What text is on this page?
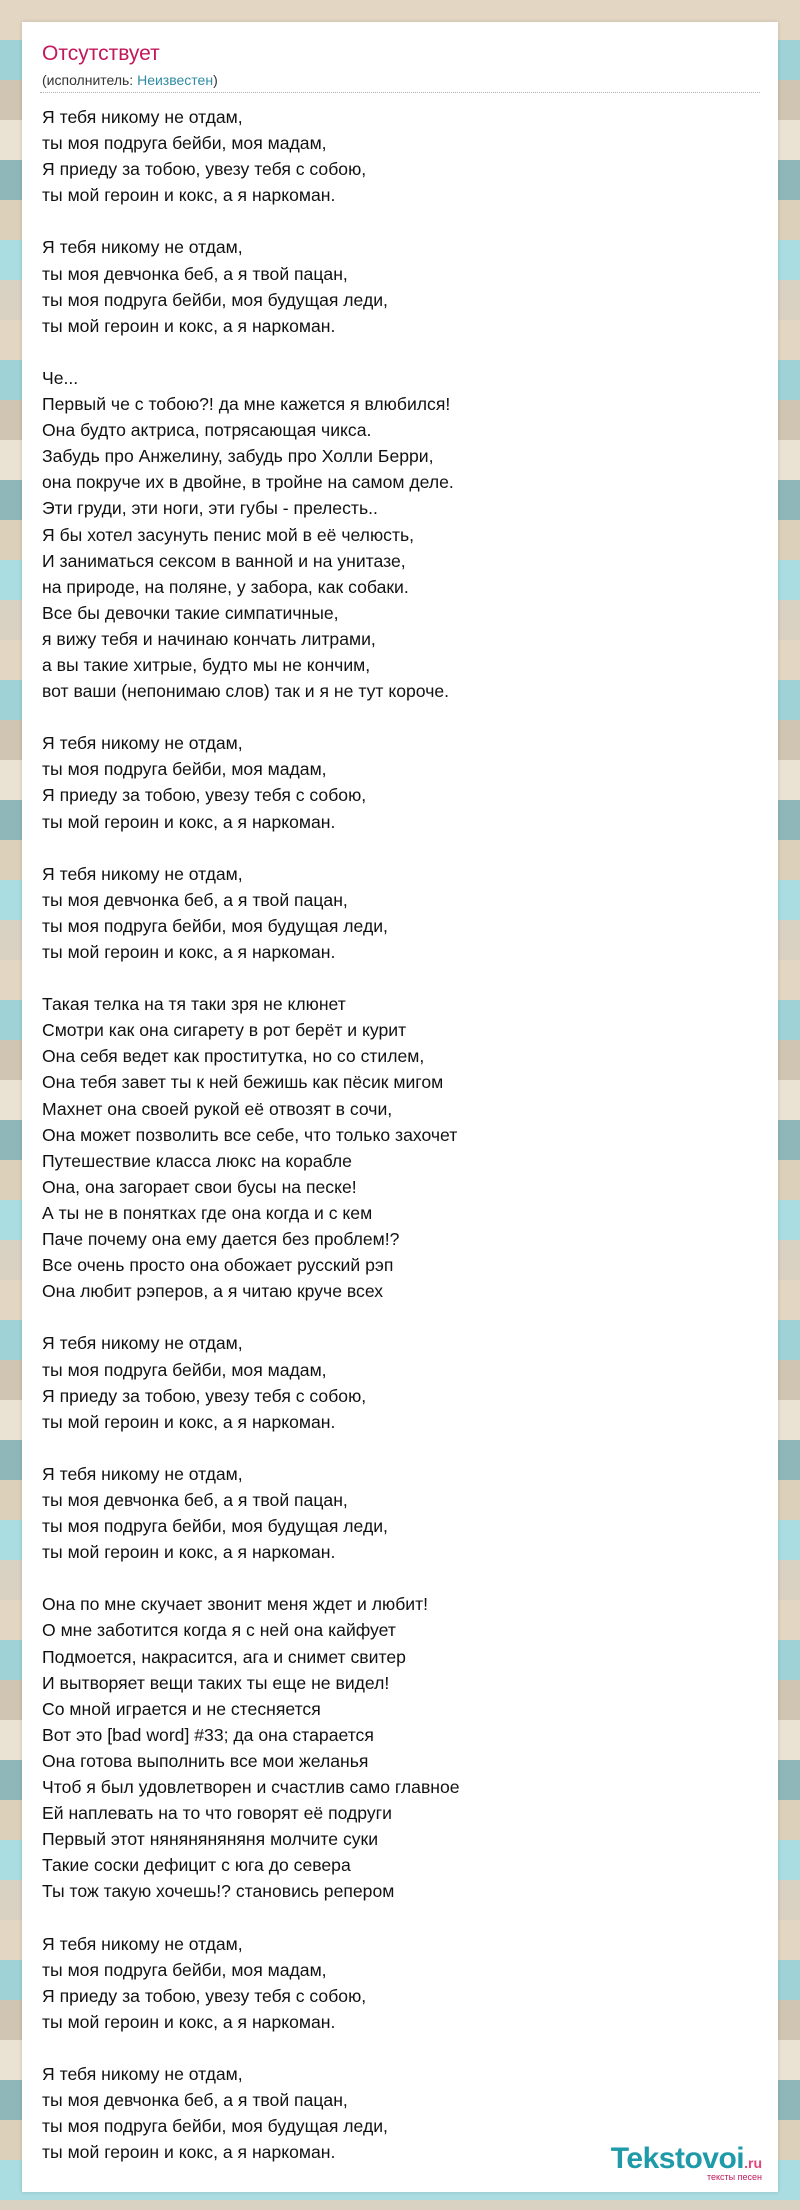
Отсутствует
(исполнитель: Неизвестен)
Я тебя никому не отдам,
ты моя подруга бейби, моя мадам,
Я приеду за тобою, увезу тебя с собою,
ты мой героин и кокс, а я наркоман.
Я тебя никому не отдам,
ты моя девчонка беб, а я твой пацан,
ты моя подруга бейби, моя будущая леди,
ты мой героин и кокс, а я наркоман.
Че...
Первый че с тобою?! да мне кажется я влюбился!
Она будто актриса, потрясающая чикса.
Забудь про Анжелину, забудь про Холли Берри,
она покруче их в двойне, в тройне на самом деле.
Эти груди, эти ноги, эти губы - прелесть..
Я бы хотел засунуть пенис мой в её челюсть,
И заниматься сексом в ванной и на унитазе,
на природе, на поляне, у забора, как собаки.
Все бы девочки такие симпатичные,
я вижу тебя и начинаю кончать литрами,
а вы такие хитрые, будто мы не кончим,
вот ваши (непонимаю слов) так и я не тут короче.
Я тебя никому не отдам,
ты моя подруга бейби, моя мадам,
Я приеду за тобою, увезу тебя с собою,
ты мой героин и кокс, а я наркоман.
Я тебя никому не отдам,
ты моя девчонка беб, а я твой пацан,
ты моя подруга бейби, моя будущая леди,
ты мой героин и кокс, а я наркоман.
Такая телка на тя таки зря не клюнет
Смотри как она сигарету в рот берёт и курит
Она себя ведет как проститутка, но со стилем,
Она тебя завет ты к ней бежишь как пёсик мигом
Махнет она своей рукой её отвозят в сочи,
Она может позволить все себе, что только захочет
Путешествие класса люкс на корабле
Она, она загорает свои бусы на песке!
А ты не в понятках где она когда и с кем
Паче почему она ему дается без проблем!?
Все очень просто она обожает русский рэп
Она любит рэперов, а я читаю круче всех
Я тебя никому не отдам,
ты моя подруга бейби, моя мадам,
Я приеду за тобою, увезу тебя с собою,
ты мой героин и кокс, а я наркоман.
Я тебя никому не отдам,
ты моя девчонка беб, а я твой пацан,
ты моя подруга бейби, моя будущая леди,
ты мой героин и кокс, а я наркоман.
Она по мне скучает звонит меня ждет и любит!
О мне заботится когда я с ней она кайфует
Подмоется, накрасится, ага и снимет свитер
И вытворяет вещи таких ты еще не видел!
Со мной играется и не стесняется
Вот это [bad word] #33; да она старается
Она готова выполнить все мои желанья
Чтоб я был удовлетворен и счастлив само главное
Ей наплевать на то что говорят её подруги
Первый этот няняняняняня молчите суки
Такие соски дефицит с юга до севера
Ты тож такую хочешь!? становись репером
Я тебя никому не отдам,
ты моя подруга бейби, моя мадам,
Я приеду за тобою, увезу тебя с собою,
ты мой героин и кокс, а я наркоман.
Я тебя никому не отдам,
ты моя девчонка беб, а я твой пацан,
ты моя подруга бейби, моя будущая леди,
ты мой героин и кокс, а я наркоман.	Tekstovoi.ru
тексты песен
